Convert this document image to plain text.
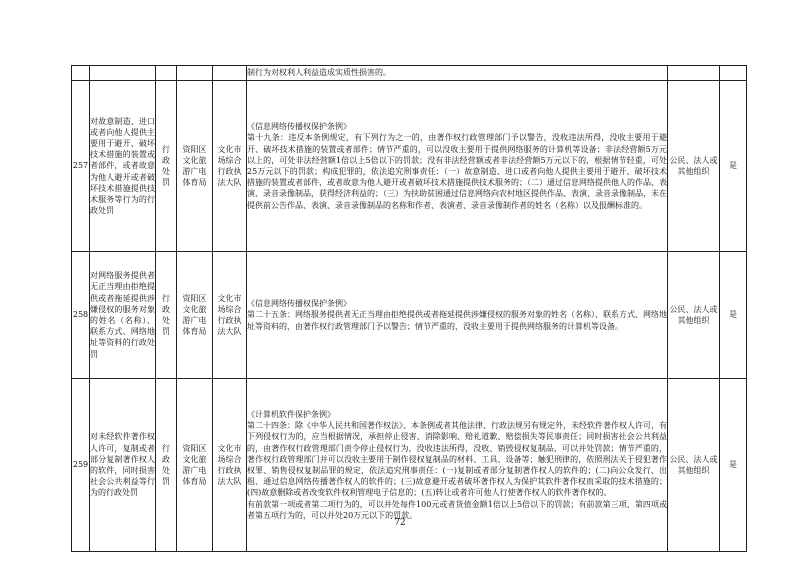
					制行为对权利人利益造成实质性损害的。		

257	对故意制造、进口或者向他人提供主要用于避开、破坏技术措施的装置或者部件，或者故意为他人避开或者破坏技术措施提供技术服务等行为的行政处罚	行政处罚	资阳区文化旅游广电体育局	文化市场综合行政执法大队	《信息网络传播权保护条例》

第十九条：违反本条例规定，有下列行为之一的，由著作权行政管理部门予以警告，没收违法所得，没收主要用于避开、破坏技术措施的装置或者部件；情节严重的，可以没收主要用于提供网络服务的计算机等设备；非法经营额5万元以上的，可处非法经营额1倍以上5倍以下的罚款；没有非法经营额或者非法经营额5万元以下的，根据情节轻重，可处25万元以下的罚款；构成犯罪的，依法追究刑事责任：（一）故意制造、进口或者向他人提供主要用于避开、破坏技术措施的装置或者部件，或者故意为他人避开或者破坏技术措施提供技术服务的；（二）通过信息网络提供他人的作品、表演、录音录像制品，获得经济利益的；（三）为扶助贫困通过信息网络向农村地区提供作品、表演、录音录像制品，未在提供前公告作品、表演、录音录像制品的名称和作者、表演者、录音录像制作者的姓名（名称）以及报酬标准的。	公民、法人或其他组织	是
258	对网络服务提供者无正当理由拒绝提供或者拖延提供涉嫌侵权的服务对象的姓名（名称）、联系方式、网络地址等资料的行政处罚	行政处罚	资阳区文化旅游广电体育局	文化市场综合行政执法大队	《信息网络传播权保护条例》

第二十五条：网络服务提供者无正当理由拒绝提供或者拖延提供涉嫌侵权的服务对象的姓名（名称）、联系方式、网络地址等资料的，由著作权行政管理部门予以警告；情节严重的，没收主要用于提供网络服务的计算机等设备。	公民、法人或其他组织	是
259	对未经软件著作权人许可，复制或者部分复制著作权人的软件，同时损害社会公共利益等行为的行政处罚	行政处罚	资阳区文化旅游广电体育局	文化市场综合行政执法大队	《计算机软件保护条例》

第二十四条：除《中华人民共和国著作权法》、本条例或者其他法律、行政法规另有规定外，未经软件著作权人许可，有下列侵权行为的，应当根据情况，承担停止侵害、消除影响、赔礼道歉、赔偿损失等民事责任；同时损害社会公共利益的，由著作权行政管理部门责令停止侵权行为，没收违法所得，没收、销毁侵权复制品，可以并处罚款；情节严重的，著作权行政管理部门并可以没收主要用于制作侵权复制品的材料、工具、设备等；触犯刑律的，依照刑法关于侵犯著作权罪、销售侵权复制品罪的规定，依法追究刑事责任：(一)复制或者部分复制著作权人的软件的；(二)向公众发行、出租、通过信息网络传播著作权人的软件的；(三)故意避开或者破坏著作权人为保护其软件著作权而采取的技术措施的；(四)故意删除或者改变软件权利管理电子信息的；(五)转让或者许可他人行使著作权人的软件著作权的。

有前款第一项或者第二项行为的，可以并处每件100元或者货值金额1倍以上5倍以下的罚款；有前款第三项、第四项或者第五项行为的，可以并处20万元以下的罚款。	公民、法人或其他组织	是
72
